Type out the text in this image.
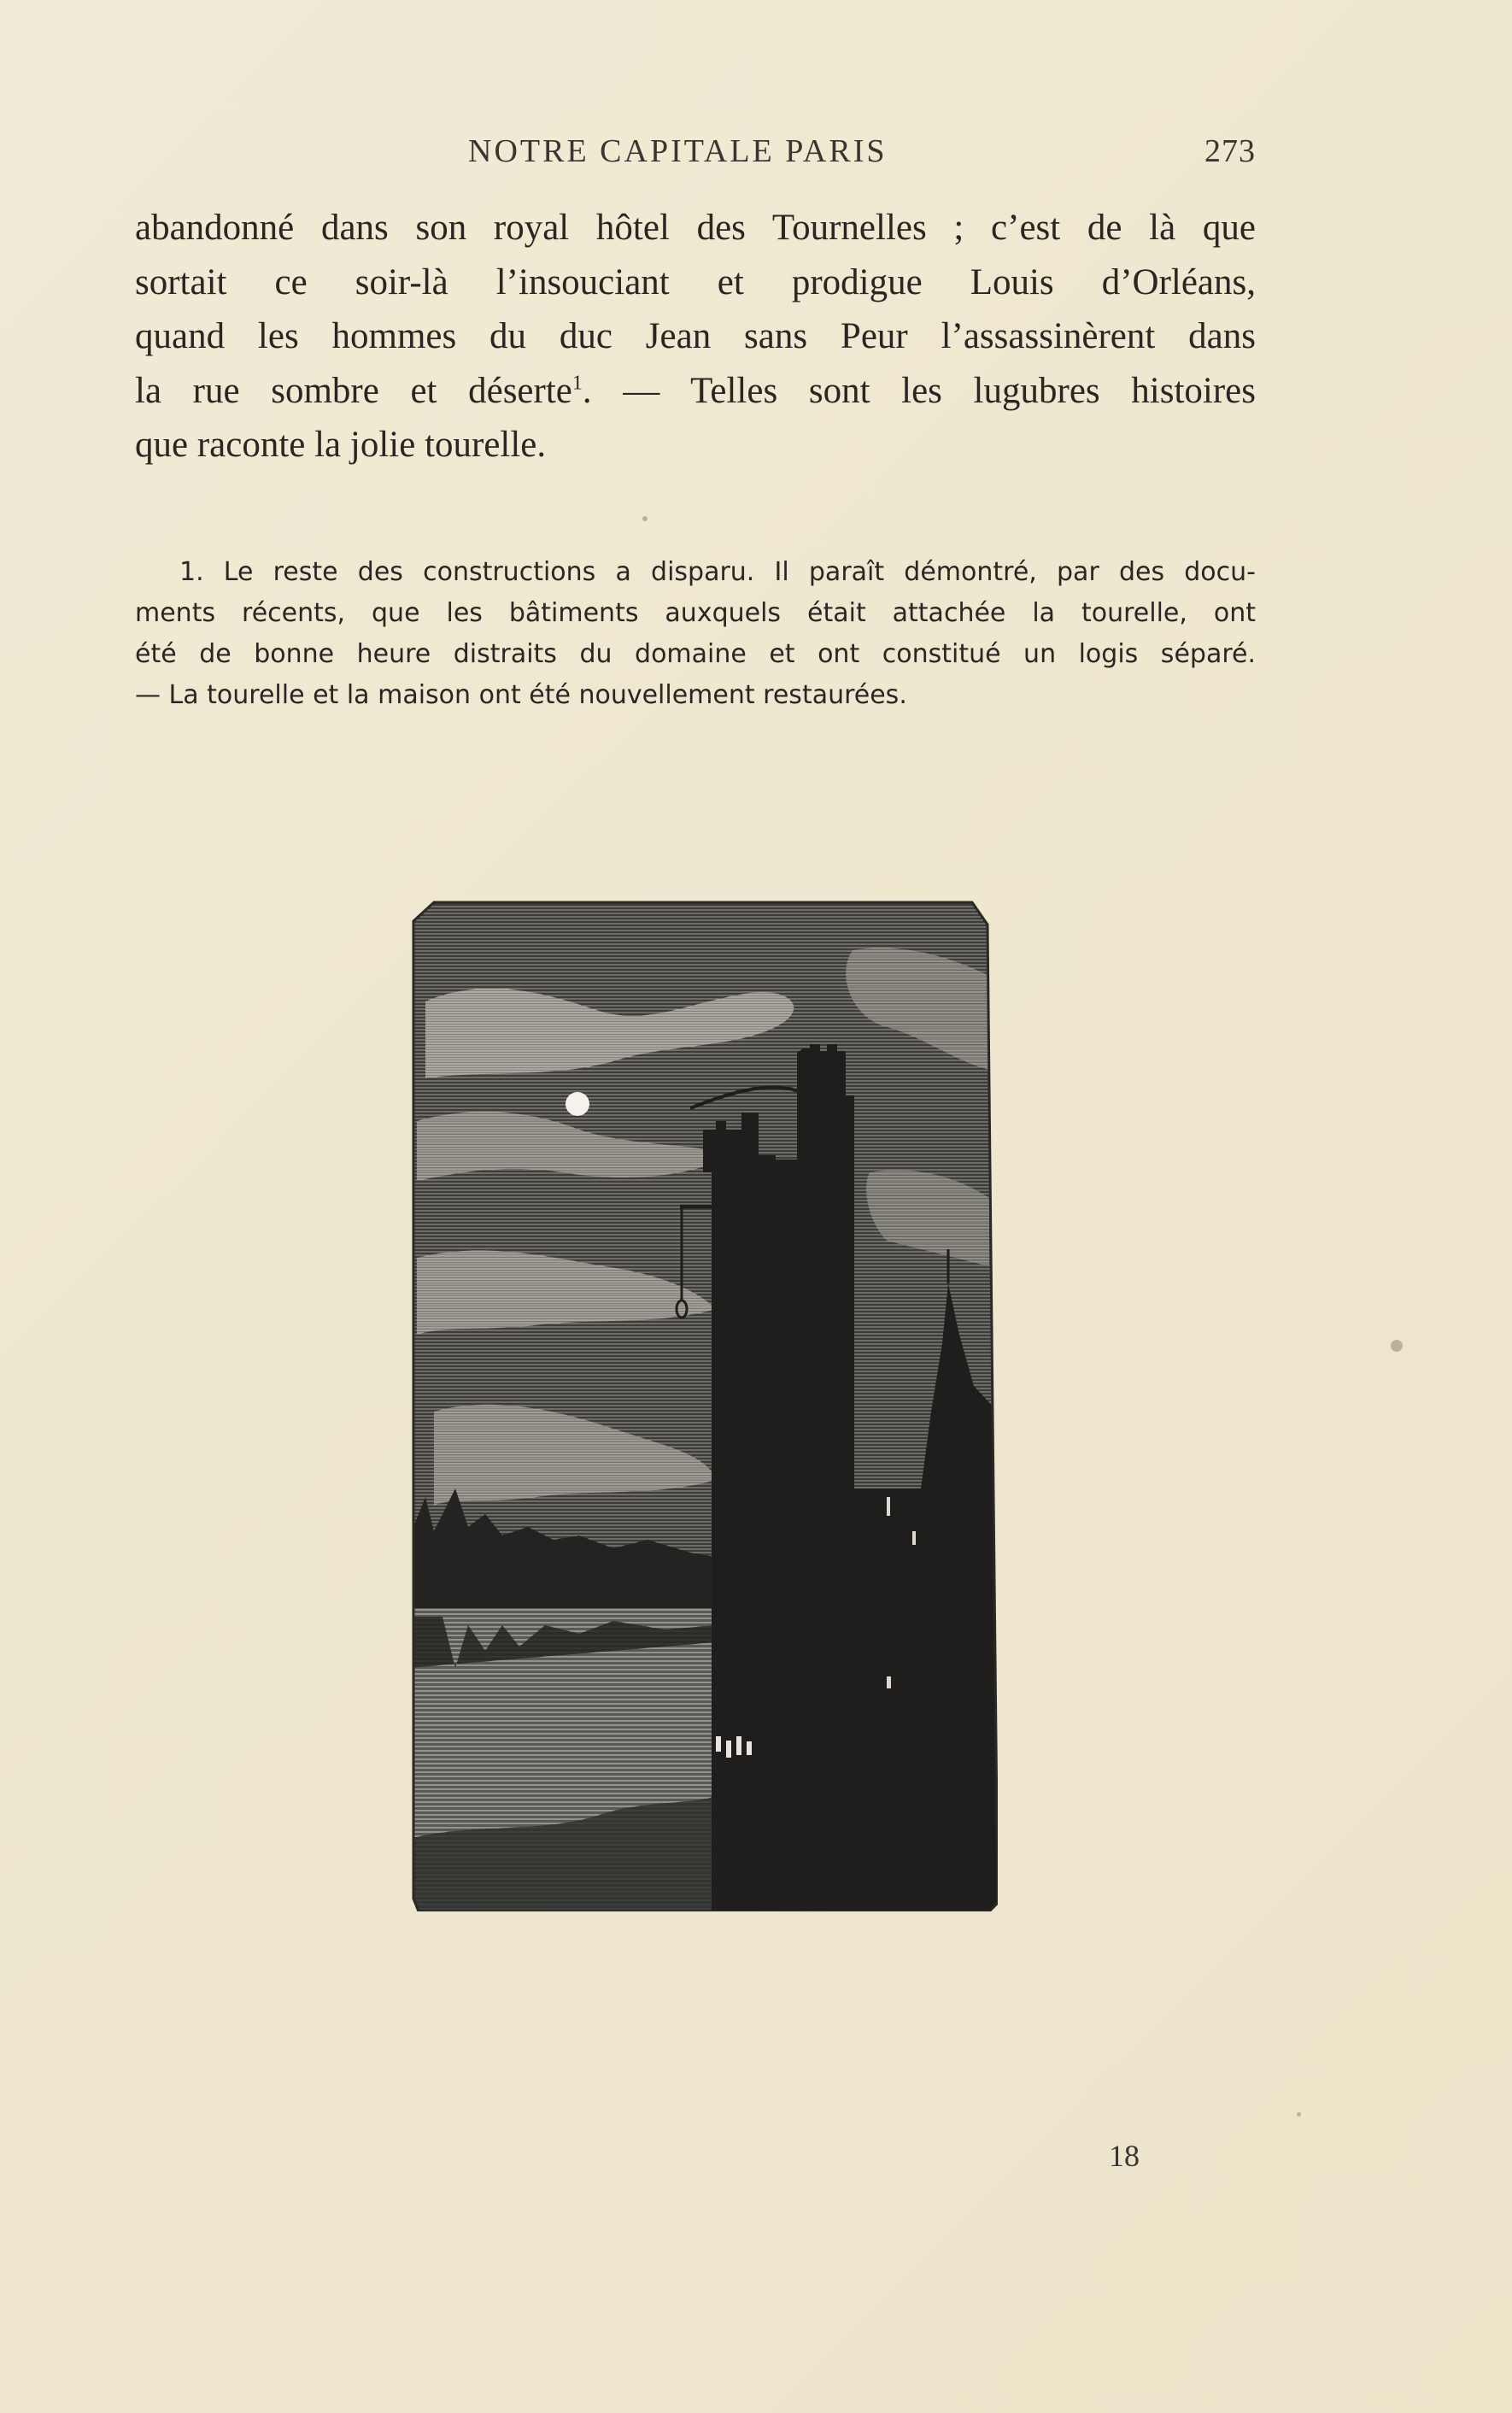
NOTRE CAPITALE PARIS	273
abandonné dans son royal hôtel des Tournelles ; c’est de là que
sortait ce soir-là l’insouciant et prodigue Louis d’Orléans,
quand les hommes du duc Jean sans Peur l’assassinèrent dans
la rue sombre et déserte$^1$. — Telles sont les lugubres histoires
que raconte la jolie tourelle.
1. Le reste des constructions a disparu. Il paraît démontré, par des docu-
ments récents, que les bâtiments auxquels était attachée la tourelle, ont
été de bonne heure distraits du domaine et ont constitué un logis séparé.
— La tourelle et la maison ont été nouvellement restaurées.
18
